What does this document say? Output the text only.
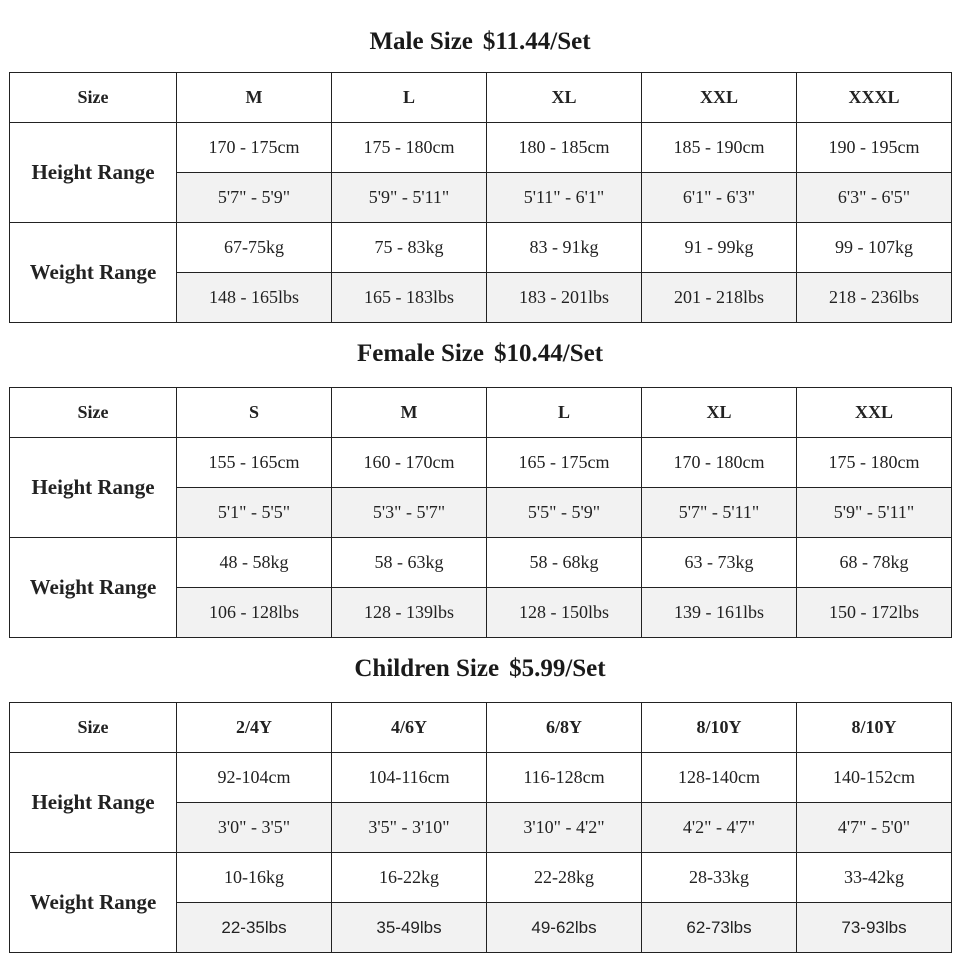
Male Size $11.44/Set
Size	M	L	XL	XXL	XXXL
Height Range	170 - 175cm	175 - 180cm	180 - 185cm	185 - 190cm	190 - 195cm
	5'7" - 5'9"	5'9" - 5'11"	5'11" - 6'1"	6'1" - 6'3"	6'3" - 6'5"
Weight Range	67-75kg	75 - 83kg	83 - 91kg	91 - 99kg	99 - 107kg
	148 - 165lbs	165 - 183lbs	183 - 201lbs	201 - 218lbs	218 - 236lbs
Female Size $10.44/Set
Size	S	M	L	XL	XXL
Height Range	155 - 165cm	160 - 170cm	165 - 175cm	170 - 180cm	175 - 180cm
	5'1" - 5'5"	5'3" - 5'7"	5'5" - 5'9"	5'7" - 5'11"	5'9" - 5'11"
Weight Range	48 - 58kg	58 - 63kg	58 - 68kg	63 - 73kg	68 - 78kg
	106 - 128lbs	128 - 139lbs	128 - 150lbs	139 - 161lbs	150 - 172lbs
Children Size $5.99/Set
Size	2/4Y	4/6Y	6/8Y	8/10Y	8/10Y
Height Range	92-104cm	104-116cm	116-128cm	128-140cm	140-152cm
	3'0" - 3'5"	3'5" - 3'10"	3'10" - 4'2"	4'2" - 4'7"	4'7" - 5'0"
Weight Range	10-16kg	16-22kg	22-28kg	28-33kg	33-42kg
	22-35lbs	35-49lbs	49-62lbs	62-73lbs	73-93lbs
